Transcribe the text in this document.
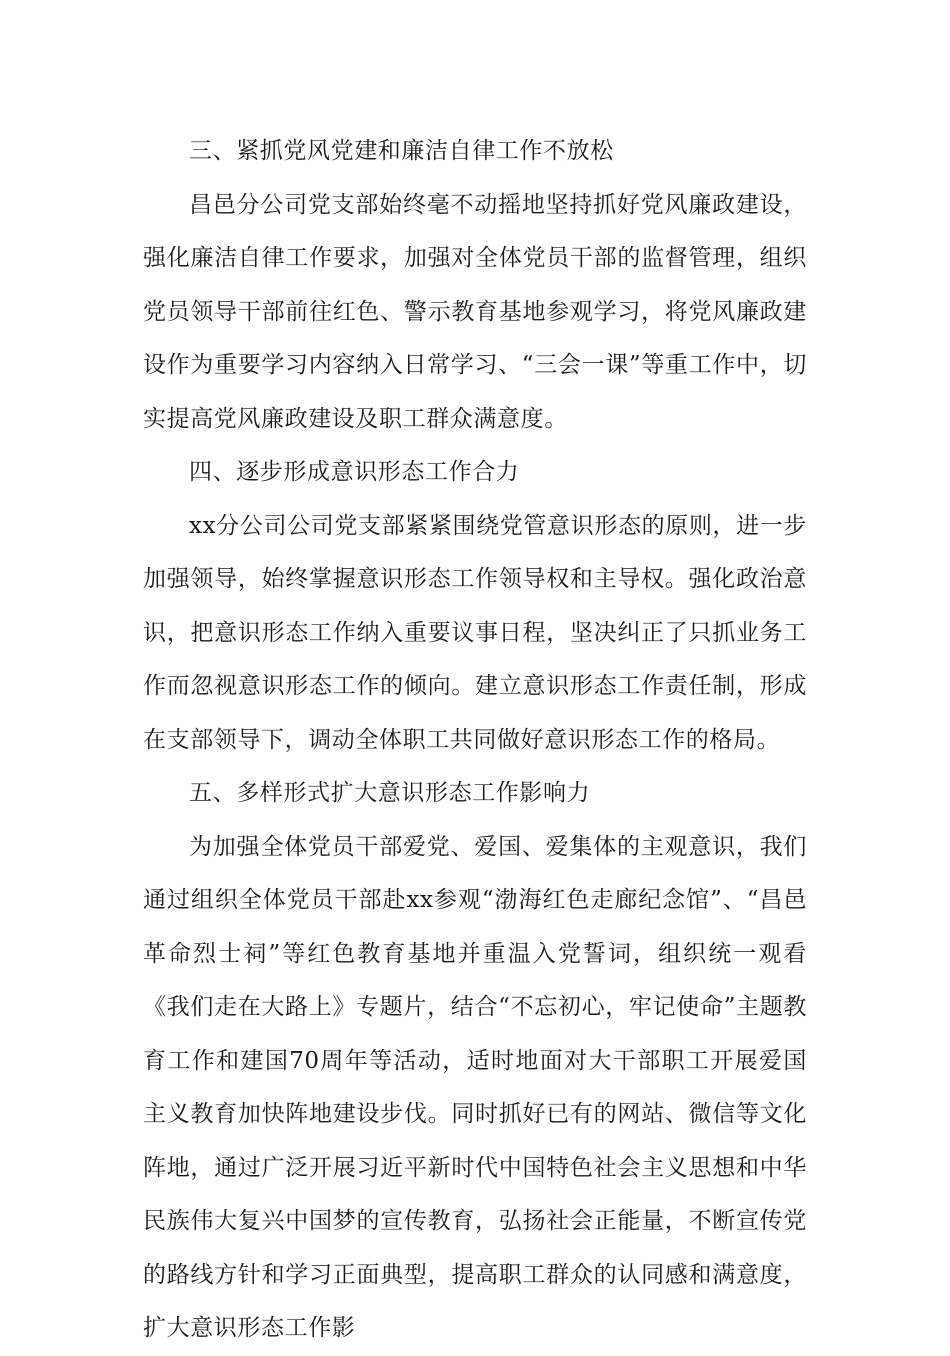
三、紧抓党风党建和廉洁自律工作不放松

昌邑分公司党支部始终毫不动摇地坚持抓好党风廉政建设，强化廉洁自律工作要求，加强对全体党员干部的监督管理，组织党员领导干部前往红色、警示教育基地参观学习，将党风廉政建设作为重要学习内容纳入日常学习、“三会一课”等重工作中，切实提高党风廉政建设及职工群众满意度。

四、逐步形成意识形态工作合力

xx分公司公司党支部紧紧围绕党管意识形态的原则，进一步加强领导，始终掌握意识形态工作领导权和主导权。强化政治意识，把意识形态工作纳入重要议事日程，坚决纠正了只抓业务工作而忽视意识形态工作的倾向。建立意识形态工作责任制，形成在支部领导下，调动全体职工共同做好意识形态工作的格局。

五、多样形式扩大意识形态工作影响力

为加强全体党员干部爱党、爱国、爱集体的主观意识，我们通过组织全体党员干部赴xx参观“渤海红色走廊纪念馆”、“昌邑革命烈士祠”等红色教育基地并重温入党誓词，组织统一观看《我们走在大路上》专题片，结合“不忘初心，牢记使命”主题教育工作和建国70周年等活动，适时地面对大干部职工开展爱国主义教育加快阵地建设步伐。同时抓好已有的网站、微信等文化阵地，通过广泛开展习近平新时代中国特色社会主义思想和中华民族伟大复兴中国梦的宣传教育，弘扬社会正能量，不断宣传党的路线方针和学习正面典型，提高职工群众的认同感和满意度，扩大意识形态工作影
